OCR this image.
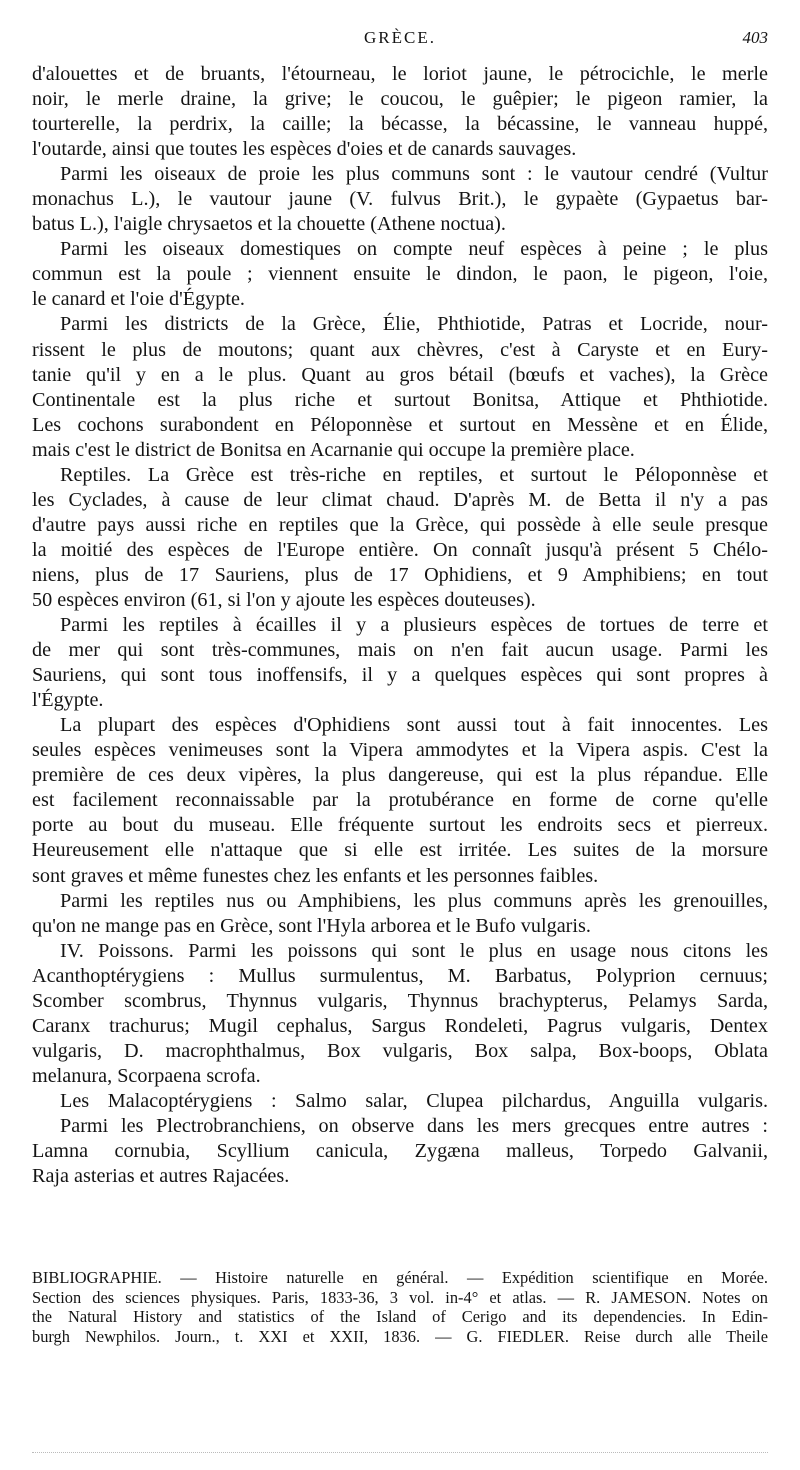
GRÈCE.	403
d'alouettes et de bruants, l'étourneau, le loriot jaune, le pétrocichle, le merle
noir, le merle draine, la grive; le coucou, le guêpier; le pigeon ramier, la
tourterelle, la perdrix, la caille; la bécasse, la bécassine, le vanneau huppé,
l'outarde, ainsi que toutes les espèces d'oies et de canards sauvages.
Parmi les oiseaux de proie les plus communs sont : le vautour cendré (Vultur
monachus L.), le vautour jaune (V. fulvus Brit.), le gypaète (Gypaetus bar-
batus L.), l'aigle chrysaetos et la chouette (Athene noctua).
Parmi les oiseaux domestiques on compte neuf espèces à peine ; le plus
commun est la poule ; viennent ensuite le dindon, le paon, le pigeon, l'oie,
le canard et l'oie d'Égypte.
Parmi les districts de la Grèce, Élie, Phthiotide, Patras et Locride, nour-
rissent le plus de moutons; quant aux chèvres, c'est à Caryste et en Eury-
tanie qu'il y en a le plus. Quant au gros bétail (bœufs et vaches), la Grèce
Continentale est la plus riche et surtout Bonitsa, Attique et Phthiotide.
Les cochons surabondent en Péloponnèse et surtout en Messène et en Élide,
mais c'est le district de Bonitsa en Acarnanie qui occupe la première place.
Reptiles. La Grèce est très-riche en reptiles, et surtout le Péloponnèse et
les Cyclades, à cause de leur climat chaud. D'après M. de Betta il n'y a pas
d'autre pays aussi riche en reptiles que la Grèce, qui possède à elle seule presque
la moitié des espèces de l'Europe entière. On connaît jusqu'à présent 5 Chélo-
niens, plus de 17 Sauriens, plus de 17 Ophidiens, et 9 Amphibiens; en tout
50 espèces environ (61, si l'on y ajoute les espèces douteuses).
Parmi les reptiles à écailles il y a plusieurs espèces de tortues de terre et
de mer qui sont très-communes, mais on n'en fait aucun usage. Parmi les
Sauriens, qui sont tous inoffensifs, il y a quelques espèces qui sont propres à
l'Égypte.
La plupart des espèces d'Ophidiens sont aussi tout à fait innocentes. Les
seules espèces venimeuses sont la Vipera ammodytes et la Vipera aspis. C'est la
première de ces deux vipères, la plus dangereuse, qui est la plus répandue. Elle
est facilement reconnaissable par la protubérance en forme de corne qu'elle
porte au bout du museau. Elle fréquente surtout les endroits secs et pierreux.
Heureusement elle n'attaque que si elle est irritée. Les suites de la morsure
sont graves et même funestes chez les enfants et les personnes faibles.
Parmi les reptiles nus ou Amphibiens, les plus communs après les grenouilles,
qu'on ne mange pas en Grèce, sont l'Hyla arborea et le Bufo vulgaris.
IV. Poissons. Parmi les poissons qui sont le plus en usage nous citons les
Acanthoptérygiens : Mullus surmulentus, M. Barbatus, Polyprion cernuus;
Scomber scombrus, Thynnus vulgaris, Thynnus brachypterus, Pelamys Sarda,
Caranx trachurus; Mugil cephalus, Sargus Rondeleti, Pagrus vulgaris, Dentex
vulgaris, D. macrophthalmus, Box vulgaris, Box salpa, Box-boops, Oblata
melanura, Scorpaena scrofa.
Les Malacoptérygiens : Salmo salar, Clupea pilchardus, Anguilla vulgaris.
Parmi les Plectrobranchiens, on observe dans les mers grecques entre autres :
Lamna cornubia, Scyllium canicula, Zygæna malleus, Torpedo Galvanii,
Raja asterias et autres Rajacées.
BIBLIOGRAPHIE. — Histoire naturelle en général. — Expédition scientifique en Morée.
Section des sciences physiques. Paris, 1833-36, 3 vol. in-4° et atlas. — R. JAMESON. Notes on
the Natural History and statistics of the Island of Cerigo and its dependencies. In Edin-
burgh Newphilos. Journ., t. XXI et XXII, 1836. — G. FIEDLER. Reise durch alle Theile
